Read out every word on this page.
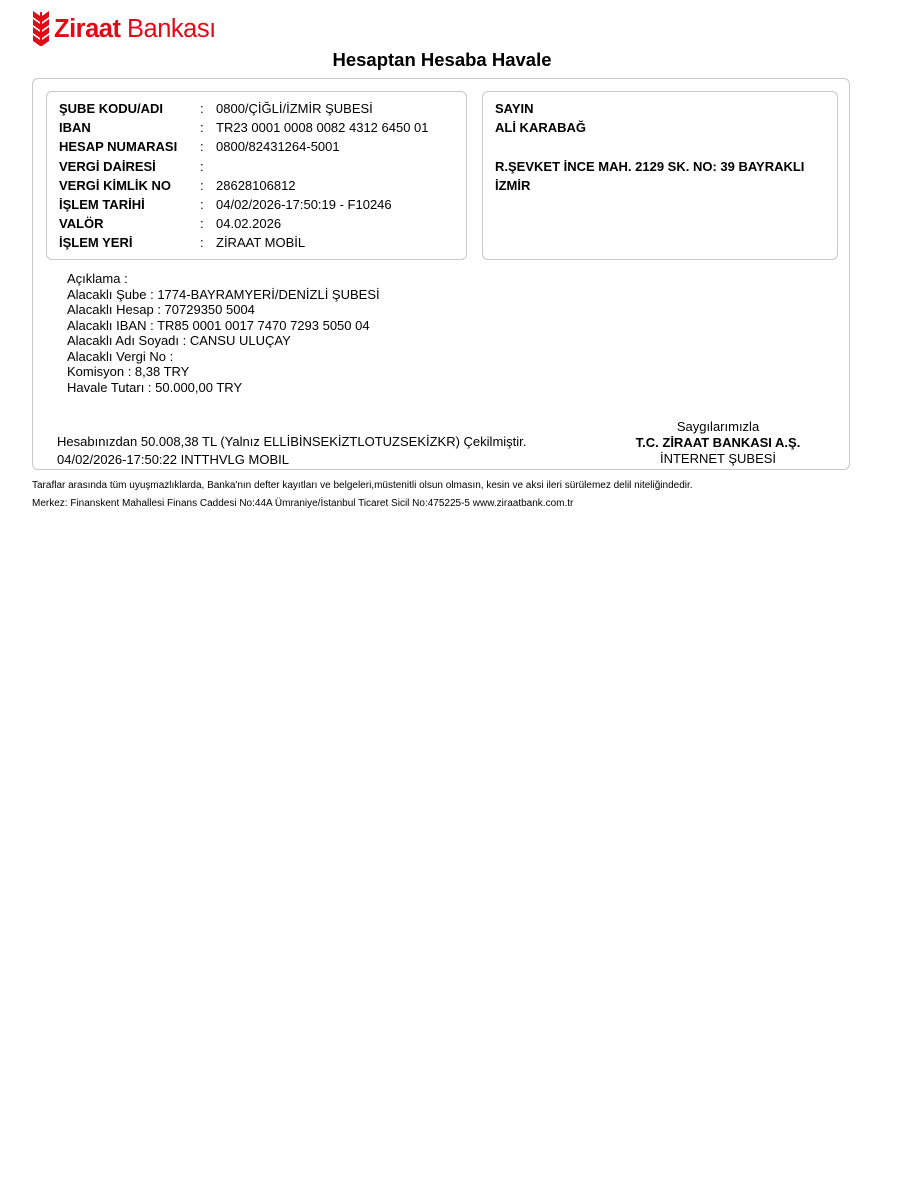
Ziraat Bankası
Hesaptan Hesaba Havale
ŞUBE KODU/ADI	: 0800/ÇİĞLİ/İZMİR ŞUBESİ
IBAN	: TR23 0001 0008 0082 4312 6450 01
HESAP NUMARASI : 0800/82431264-5001
VERGİ DAİRESİ	:
VERGİ KİMLİK NO : 28628106812
İŞLEM TARİHİ	: 04/02/2026-17:50:19 - F10246
VALÖR	: 04.02.2026
İŞLEM YERİ	: ZİRAAT MOBİL
SAYIN
ALİ KARABAĞ
R.ŞEVKET İNCE MAH. 2129 SK. NO: 39 BAYRAKLI
İZMİR
Açıklama :
Alacaklı Şube : 1774-BAYRAMYERİ/DENİZLİ ŞUBESİ
Alacaklı Hesap : 70729350 5004
Alacaklı IBAN : TR85 0001 0017 7470 7293 5050 04
Alacaklı Adı Soyadı : CANSU ULUÇAY
Alacaklı Vergi No :
Komisyon : 8,38 TRY
Havale Tutarı : 50.000,00 TRY
Hesabınızdan 50.008,38 TL (Yalnız ELLİBİNSEKİZTLOTUZSEKİZKR) Çekilmiştir.
04/02/2026-17:50:22 INTTHVLG MOBIL
Saygılarımızla
T.C. ZİRAAT BANKASI A.Ş.
İNTERNET ŞUBESİ
Taraflar arasında tüm uyuşmazlıklarda, Banka'nın defter kayıtları ve belgeleri,müstenitli olsun olmasın, kesin ve aksi ileri sürülemez delil niteliğindedir.
Merkez: Finanskent Mahallesi Finans Caddesi No:44A Ümraniye/İstanbul Ticaret Sicil No:475225-5 www.ziraatbank.com.tr
